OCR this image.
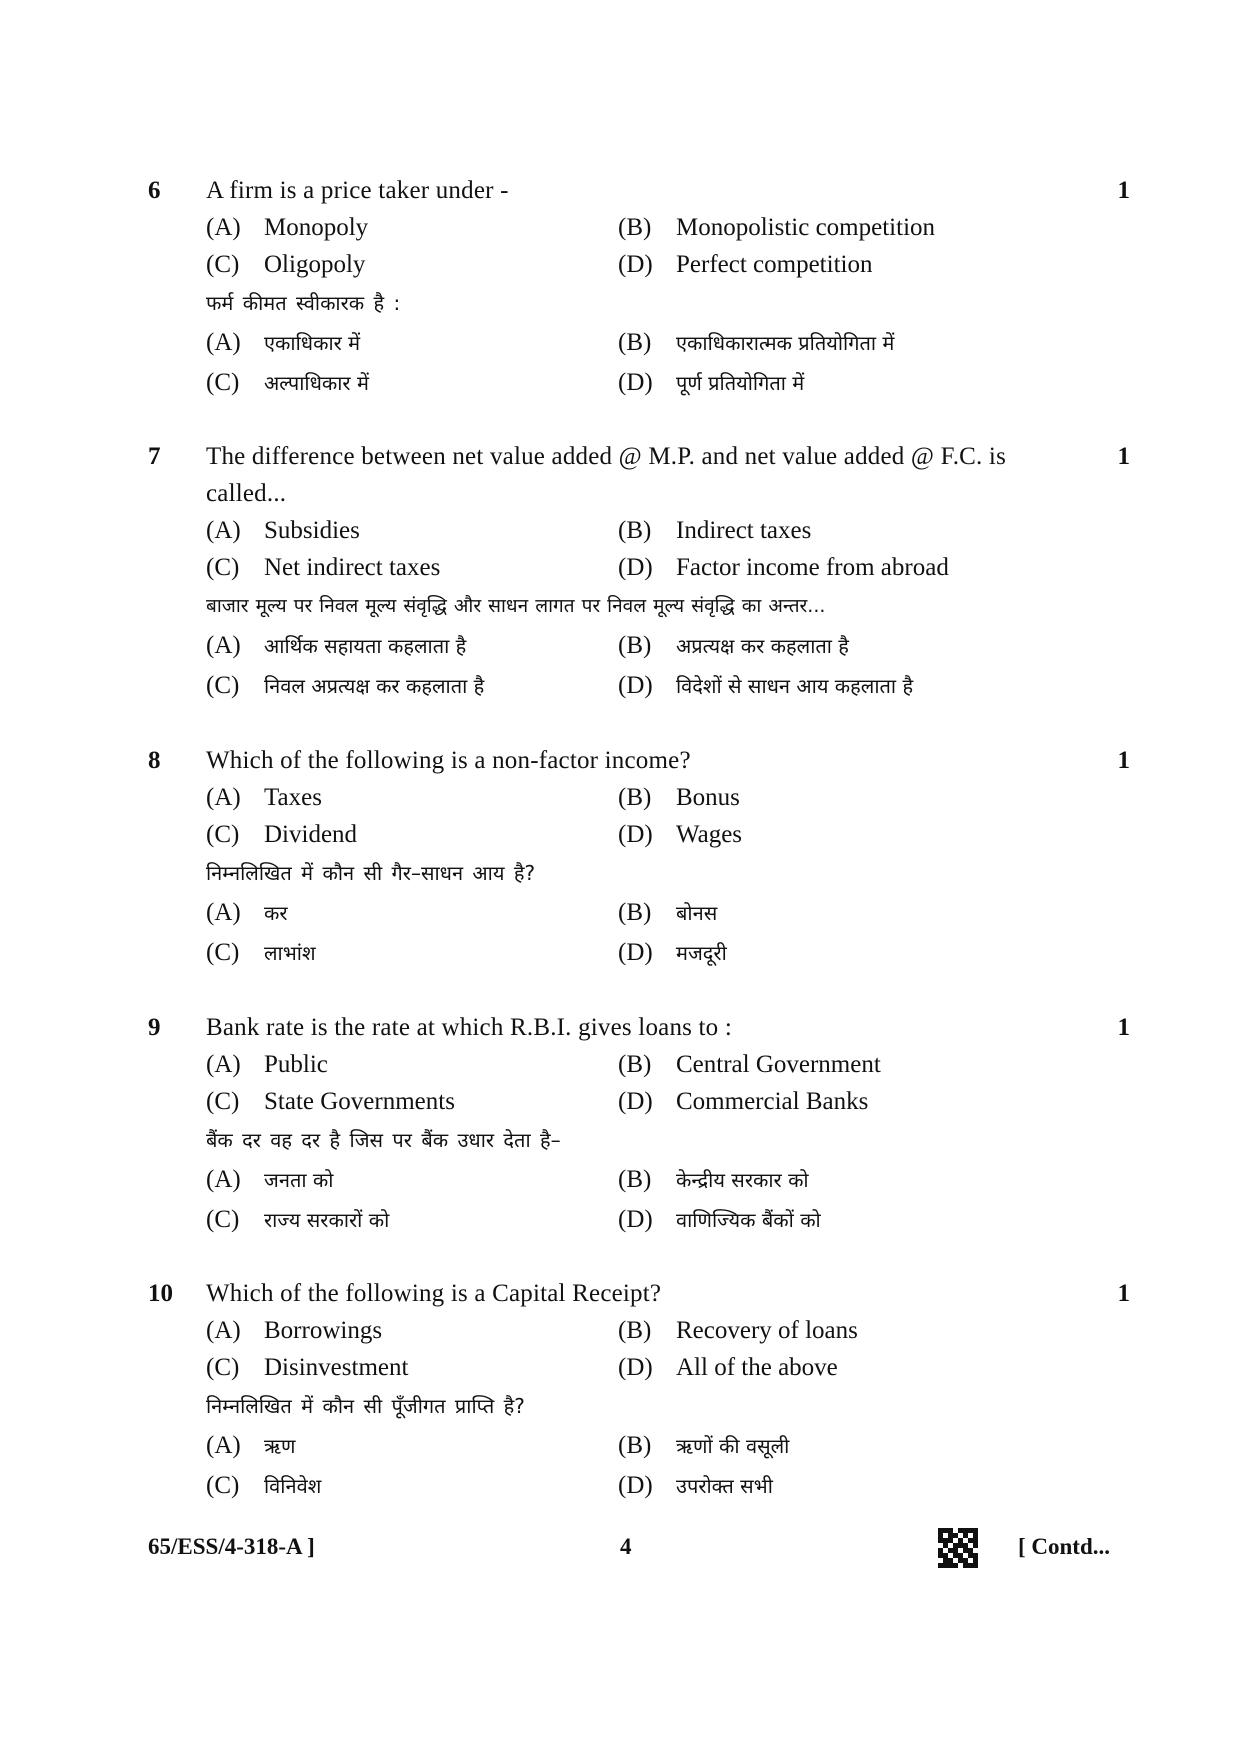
6	1
A firm is a price taker under -
(A) Monopoly	(B) Monopolistic competition
(C) Oligopoly	(D) Perfect competition
फर्म कीमत स्वीकारक है :
(A)	एकाधिकार में	(B)	एकाधिकारात्मक प्रतियोगिता में
(C)	अल्पाधिकार में	(D)	पूर्ण प्रतियोगिता में
7	1
The difference between net value added @ M.P. and net value added @ F.C. is called...
(A) Subsidies	(B) Indirect taxes
(C) Net indirect taxes	(D) Factor income from abroad
बाजार मूल्य पर निवल मूल्य संवृद्धि और साधन लागत पर निवल मूल्य संवृद्धि का अन्तर...
(A)	आर्थिक सहायता कहलाता है	(B)	अप्रत्यक्ष कर कहलाता है
(C)	निवल अप्रत्यक्ष कर कहलाता है	(D)	विदेशों से साधन आय कहलाता है
8	1
Which of the following is a non-factor income?
(A) Taxes	(B) Bonus
(C) Dividend	(D) Wages
निम्नलिखित में कौन सी गैर–साधन आय है?
(A)	कर	(B)	बोनस
(C)	लाभांश	(D)	मजदूरी
9	1
Bank rate is the rate at which R.B.I. gives loans to :
(A) Public	(B) Central Government
(C) State Governments	(D) Commercial Banks
बैंक दर वह दर है जिस पर बैंक उधार देता है–
(A)	जनता को	(B)	केन्द्रीय सरकार को
(C)	राज्य सरकारों को	(D)	वाणिज्यिक बैंकों को
10	1
Which of the following is a Capital Receipt?
(A) Borrowings	(B) Recovery of loans
(C) Disinvestment	(D) All of the above
निम्नलिखित में कौन सी पूँजीगत प्राप्ति है?
(A)	ऋण	(B)	ऋणों की वसूली
(C)	विनिवेश	(D)	उपरोक्त सभी
65/ESS/4-318-A ]	4	[ Contd...
